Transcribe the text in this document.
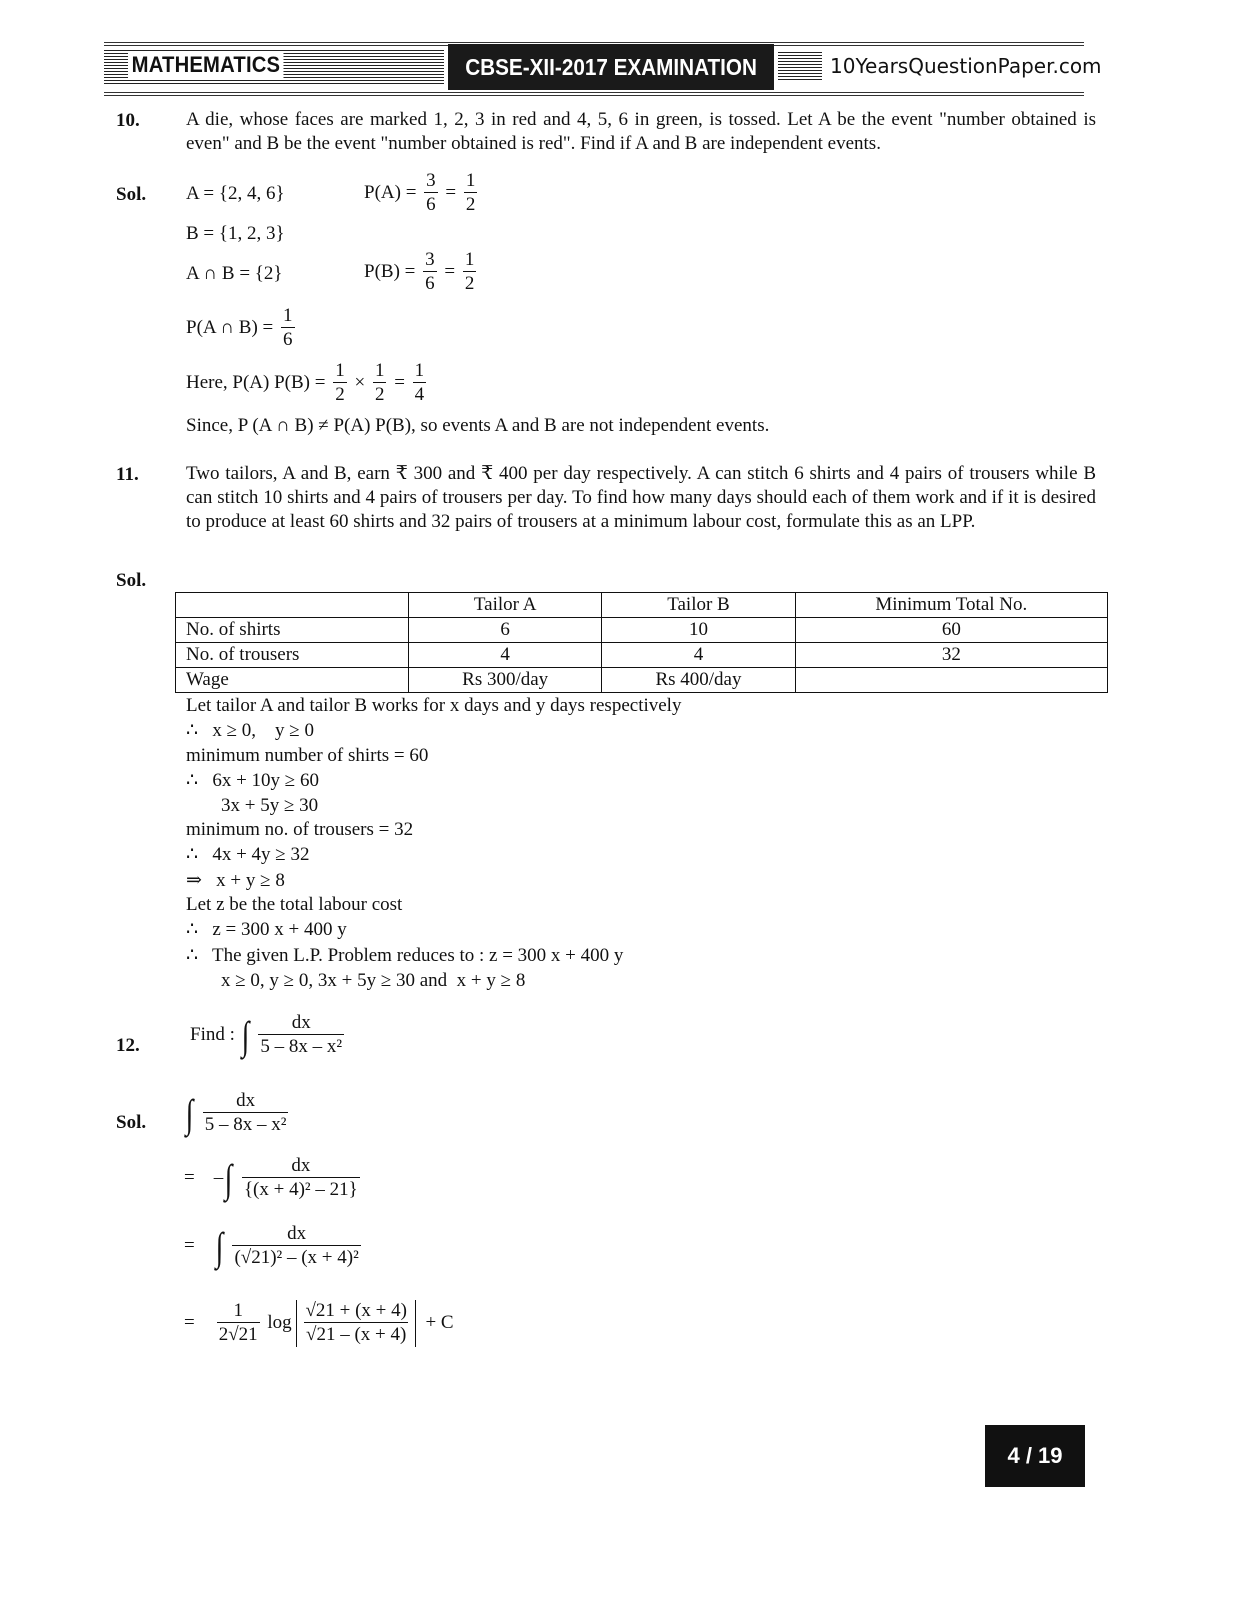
MATHEMATICS	CBSE-XII-2017 EXAMINATION	10YearsQuestionPaper.com
10. A die, whose faces are marked 1, 2, 3 in red and 4, 5, 6 in green, is tossed. Let A be the event "number obtained is even" and B be the event "number obtained is red". Find if A and B are independent events.
Sol. A = {2, 4, 6}	$P(A) = \frac{3}{6} = \frac{1}{2}$
B = {1, 2, 3}
A ∩ B = {2}	$P(B) = \frac{3}{6} = \frac{1}{2}$
P(A ∩ $B) = \frac{1}{6}$
Here, P(A) $P(B) = \frac{1}{2} \times \frac{1}{2} = \frac{1}{4}$
Since, P (A ∩ B) ≠ P(A) P(B), so events A and B are not independent events.
11. Two tailors, A and B, earn ₹ 300 and ₹ 400 per day respectively. A can stitch 6 shirts and 4 pairs of trousers while B can stitch 10 shirts and 4 pairs of trousers per day. To find how many days should each of them work and if it is desired to produce at least 60 shirts and 32 pairs of trousers at a minimum labour cost, formulate this as an LPP.
Sol.
	Tailor A	Tailor B	Minimum Total No.
No. of shirts	6	10	60
No. of trousers	4	4	32
Wage	Rs 300/day	Rs 400/day	
Let tailor A and tailor B works for x days and y days respectively
∴   x ≥ 0,    y ≥ 0
minimum number of shirts = 60
∴   6x + 10y ≥ 60
3x + 5y ≥ 30
minimum no. of trousers = 32
∴   4x + 4y ≥ 32
⇒   x + y ≥ 8
Let z be the total labour cost
∴   z = 300 x + 400 y
∴   The given L.P. Problem reduces to : z = 300 x + 400 y
x ≥ 0, y ≥ 0, 3x + 5y ≥ 30 and  x + y ≥ 8
12.
Find : ∫ $\frac{dx}{\text{5 – 8x – x²}}$
Sol. ∫ $\frac{dx}{\text{5 – 8x – x²}}$
= –∫ $\frac{dx}{\text{\{(x + 4)² – 21\}}}$
= ∫ $\frac{dx}{\text{(√21)² – (x + 4)²}}$
= $\frac{1}{2√21}$ $\log \frac{√21 + (x + 4)}{√21 - (x + 4)} + C$
4 / 19
